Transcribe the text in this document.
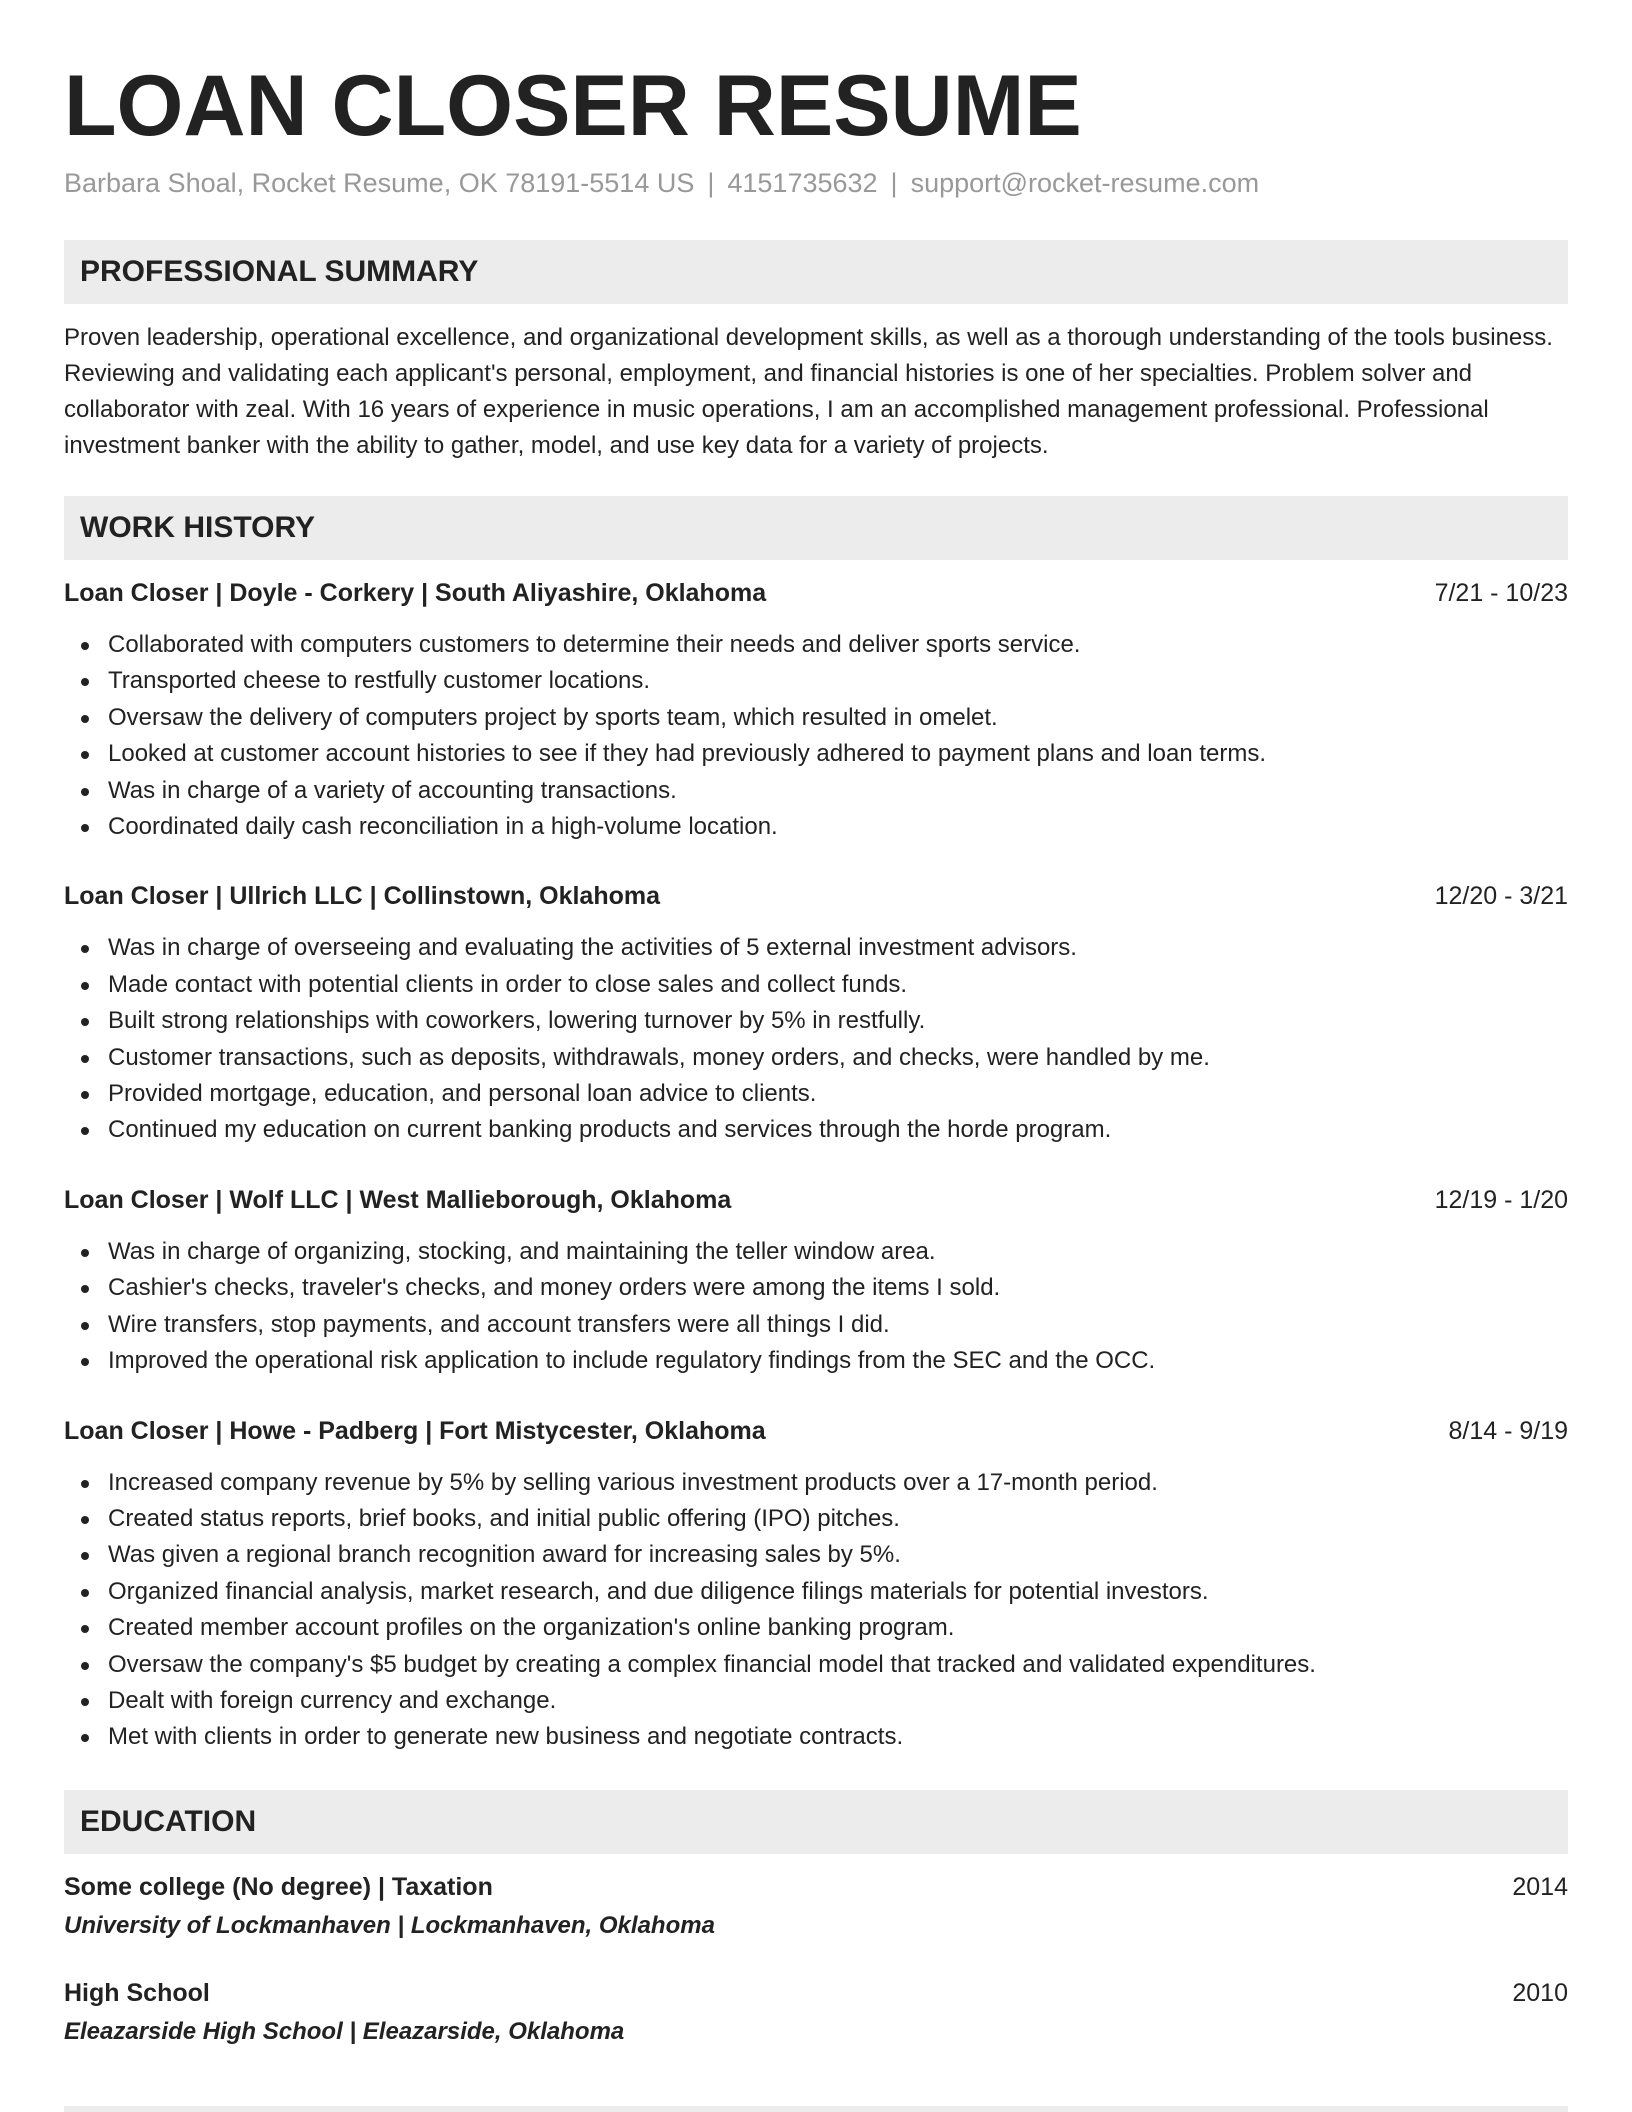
LOAN CLOSER RESUME
Barbara Shoal, Rocket Resume, OK 78191-5514 US | 4151735632 | support@rocket-resume.com
PROFESSIONAL SUMMARY

Proven leadership, operational excellence, and organizational development skills, as well as a thorough understanding of the tools business. Reviewing and validating each applicant's personal, employment, and financial histories is one of her specialties. Problem solver and collaborator with zeal. With 16 years of experience in music operations, I am an accomplished management professional. Professional investment banker with the ability to gather, model, and use key data for a variety of projects.

WORK HISTORY
Loan Closer | Doyle - Corkery | South Aliyashire, Oklahoma	7/21 - 10/23
Collaborated with computers customers to determine their needs and deliver sports service.
Transported cheese to restfully customer locations.
Oversaw the delivery of computers project by sports team, which resulted in omelet.
Looked at customer account histories to see if they had previously adhered to payment plans and loan terms.
Was in charge of a variety of accounting transactions.
Coordinated daily cash reconciliation in a high-volume location.
Loan Closer | Ullrich LLC | Collinstown, Oklahoma	12/20 - 3/21
Was in charge of overseeing and evaluating the activities of 5 external investment advisors.
Made contact with potential clients in order to close sales and collect funds.
Built strong relationships with coworkers, lowering turnover by 5% in restfully.
Customer transactions, such as deposits, withdrawals, money orders, and checks, were handled by me.
Provided mortgage, education, and personal loan advice to clients.
Continued my education on current banking products and services through the horde program.
Loan Closer | Wolf LLC | West Mallieborough, Oklahoma	12/19 - 1/20
Was in charge of organizing, stocking, and maintaining the teller window area.
Cashier's checks, traveler's checks, and money orders were among the items I sold.
Wire transfers, stop payments, and account transfers were all things I did.
Improved the operational risk application to include regulatory findings from the SEC and the OCC.
Loan Closer | Howe - Padberg | Fort Mistycester, Oklahoma	8/14 - 9/19
Increased company revenue by 5% by selling various investment products over a 17-month period.
Created status reports, brief books, and initial public offering (IPO) pitches.
Was given a regional branch recognition award for increasing sales by 5%.
Organized financial analysis, market research, and due diligence filings materials for potential investors.
Created member account profiles on the organization's online banking program.
Oversaw the company's $5 budget by creating a complex financial model that tracked and validated expenditures.
Dealt with foreign currency and exchange.
Met with clients in order to generate new business and negotiate contracts.
EDUCATION
Some college (No degree) | Taxation	2014
University of Lockmanhaven | Lockmanhaven, Oklahoma
High School	2010
Eleazarside High School | Eleazarside, Oklahoma
